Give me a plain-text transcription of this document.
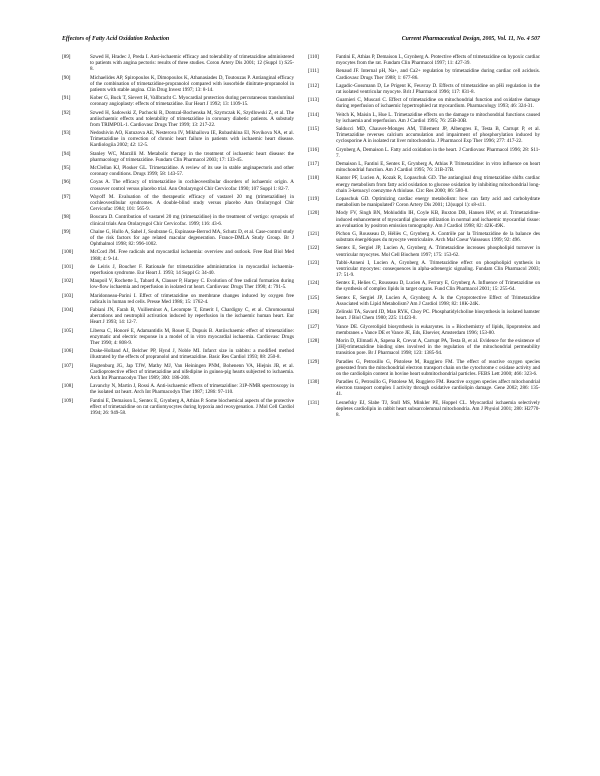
Effectors of Fatty Acid Oxidation Reduction	Current Pharmaceutical Design, 2005, Vol. 11, No. 4 507
[89]	Szwed H, Hradec J, Preda I. Anti-ischaemic efficacy and tolerability of trimetazidine administered to patients with angina pectoris: results of three studies. Coron Artery Dis 2001; 12 (Suppl 1) S25-8.
[90]	Michaelides AP, Spiropoulos K, Dimopoulos K, Athanasiades D, Toutouzas P. Antianginal efficacy of the combination of trimetazidine-propranolol compared with isosorbide dinitrate-propranolol in patients with stable angina. Clin Drug Invest 1997; 13: 8-14.
[91]	Kober G, Buck T, Sievert H, Vallbracht C. Myocardial protection during percutaneous transluminal coronary angioplasty: effects of trimetazidine. Eur Heart J 1992; 13: 1109-15.
[92]	Szwed H, Sadowski Z, Pachocki R, Domzal-Bochenska M, Szymczak K, Szydlowski Z, et al. The antiischaemic effects and tolerability of trimetazidine in coronary diabetic patients. A substudy from TRIMPOL-1. Cardiovasc Drugs Ther 1999; 13: 217-22.
[93]	Nedoshivin AO, Kutuzova AE, Nesterova IV, Mikhailova IE, Rubashkina EI, Novikova NA, et al. Trimetazidine in correction of chronic heart failure in patients with ischaemic heart disease. Kardiologiia 2002; 42: 12-5.
[94]	Stanley WC, Marzilli M. Metabolic therapy in the treatment of ischaemic heart disease: the pharmacology of trimetazidine. Fundam Clin Pharmacol 2003; 17: 133-45.
[95]	McClellan KJ, Plosker GL. Trimetazidine. A review of its use in stable anginapectoris and other coronary conditions. Drugs 1999; 58: 143-57.
[96]	Coyas A. The efficacy of trimetazidine in cochleovestibular disorders of ischaemic origin. A crossover control versus placebo trial. Ann Otolaryngol Chir Cervicofac 1990; 107 Suppl 1: 82-7.
[97]	Wayoff M. Evaluation of the therapeutic efficacy of vastarel 20 mg (trimetazidine) in cochleovestibular syndromes. A double-blind study versus placebo Ann Otolaryngol Chir Cervicofac 1984; 101: 565-9.
[98]	Boucara D. Contribution of vastarel 20 mg (trimetazidine) in the treatment of vertigo: synopsis of clinical trials Ann Otolaryngol Chir Cervicofac. 1999; 116: 43-6.
[99]	Chaine G, Hullo A, Sahel J, Soubrane G, Espinasse-Berrod MA, Schutz D, et al. Case-control study of the risk factors for age related macular degeneration. France-DMLA Study Group. Br J Ophthalmol 1998; 82: 996-1002.
[100]	McCord JM. Free radicals and myocardial ischaemia: overview and outlook. Free Rad Biol Med 1988; 4: 9-14.
[101]	de Leiris J, Boucher F. Rationale for trimetazidine administration in myocardial ischaemia-reperfusion syndrome. Eur Heart J. 1993; 14 Suppl G: 34-40.
[102]	Maupoil V, Rochette L, Tabard A, Clauser P, Harpey C. Evolution of free radical formation during low-flow ischaemia and reperfusion in isolated rat heart. Cardiovasc Drugs Ther 1990; 4: 791-5.
[103]	Maridonneau-Parini I. Effect of trimetazidine on membrane changes induced by oxygen free radicals in human red cells. Presse Med 1986; 15: 1762-4.
[104]	Fabiani JN, Farah B, Vuilleminot A, Lecompte T, Emerit I, Chardigny C, et al. Chromosomal aberrations and neutrophil activation induced by reperfusion in the ischaemic human heart. Eur Heart J 1993; 14: 12-7.
[105]	Libersa C, Honoré E, Adamantidis M, Rouet E, Dupuis B. Antiischaemic effect of trimetazidine: enzymatic and electric response in a model of in vitro myocardial ischaemia. Cardiovasc Drugs Ther 1990; 4: 808-9.
[106]	Drake-Holland AJ, Belcher PP, Hynd J, Noble MI. Infarct size in rabbits: a modified method illustrated by the effects of propranolol and trimetazidine. Basic Res Cardiol 1993; 88: 250-8.
[107]	Hugtenburg JG, Jap TJW, Mathy MJ, Van Heiningen PNM, Bohenenn VA, Hiejnis JB, et al. Cardioprotective effect of trimetazidine and nifedipine in guinea-pig hearts subjected to ischaemia. Arch Int Pharmacodyn Ther 1989; 300: 186-208.
[108]	Lavanchy N, Martin J, Rossi A. Anti-ischaemic effects of trimetazidine: 31P-NMR spectroscopy in the isolated rat heart. Arch Int Pharmacodyn Ther 1987; 1286: 97-110.
[109]	Fantini E, Demaison L, Sentex E, Grynberg A, Athias P. Some biochemical aspects of the protective effect of trimetazidine on rat cardiomyocytes during hypoxia and reoxygenation. J Mol Cell Cardiol 1994; 26: 949-58.
[110]	Fantini E, Athias P, Demaison L, Grynberg A. Protective effects of trimetazidine on hypoxic cardiac myocytes from the rat. Fundam Clin Pharmacol 1997; 11: 427-39.
[111]	Renaud JF. Internal pH, Na+, and Ca2+ regulation by trimetazidine during cardiac cell acidosis. Cardiovasc Drugs Ther 1988; 1: 677-86.
[112]	Lagadic-Gossmann D, Le Prigent K, Feuvray D. Effects of trimetazidine on pHi regulation in the rat isolated ventricular myocyte. Brit J Pharmacol 1996; 117: 831-8.
[113]	Guarnieri C, Muscari C. Effect of trimetazidine on mitochondrial function and oxidative damage during reperfusion of ischaemic hypertrophied rat myocardium. Pharmacology 1993; 46: 324-31.
[114]	Veitch K, Maisin L, Hue L. Trimetazidine effects on the damage to mitochondrial functions caused by ischaemia and reperfusion. Am J Cardiol 1995; 76: 25B-30B.
[115]	Salducci MD, Chauvet-Monges AM, Tillement JP, Albengres E, Testa B, Carrupt P, et al. Trimetazidine reverses calcium accumulation and impairment of phosphorylation induced by cyclosporine A in isolated rat liver mitochondria. J Pharmacol Exp Ther 1996; 277: 417-22.
[116]	Grynberg A, Demaison L. Fatty acid oxidation in the heart. J Cardiovasc Pharmacol 1996; 28: S11-7.
[117]	Demaison L, Fantini E, Sentex E, Grynberg A, Athias P. Trimetazidine: in vitro influence on heart mitochondrial function. Am J Cardiol 1995; 76: 31B-37B.
[118]	Kantor PF, Lucien A, Kozak R, Lopaschuk GD. The antianginal drug trimetazidine shifts cardiac energy metabolism from fatty acid oxidation to glucose oxidation by inhibiting mitochondrial long-chain 3-ketoacyl coenzyme A thiolase. Circ Res 2000; 86: 580-8.
[119]	Lopaschuk GD. Optimizing cardiac energy metabolism: how can fatty acid and carbohydrate metabolism be manipulated? Coron Artery Dis 2001; 12(suppl 1): s8-s11.
[120]	Mody FV, Singh BN, Mohiuddin IH, Coyle KB, Buxton DB, Hansen HW, et al. Trimetazidine-induced enhancement of myocardial glucose utilization in normal and ischaemic myocardial tissue: an evaluation by positron emission tomography. Am J Cardiol 1998; 82: 42K-49K.
[121]	Pichon G, Rousseau D, Héliès C, Grynberg A. Contrôle par la Trimetazidine de la balance des substrats énergétiques du myocyte ventriculaire. Arch Mal Coeur Vaisseaux 1999; 92: 496.
[122]	Sentex E, Sergiel JP, Lucien A, Grynberg A. Trimetazidine increases phospholipid turnover in ventricular myocytes. Mol Cell Biochem 1997; 175: 153-62.
[123]	Tabbi-Anneni I, Lucien A, Grynberg A. Trimetazidine effect on phospholipid synthesis in ventricular myocytes: consequences in alpha-adrenergic signaling. Fundam Clin Pharmacol 2003; 17: 51-9.
[124]	Sentex E, Helies C, Rousseau D, Lucien A, Ferrary E, Grynberg A. Influence of Trimetazidine on the synthesis of complex lipids in target organs. Fund Clin Pharmacol 2001; 15: 255-64.
[125]	Sentex E, Sergiel JP, Lucien A, Grynberg A. Is the Cytoprotective Effect of Trimetazidine Associated with Lipid Metabolism? Am J Cardiol 1998; 82: 18K-24K.
[126]	Zelinski TA, Savard JD, Man RYK, Choy PC. Phosphatidylcholine biosynthesis in isolated hamster heart. J Biol Chem 1980; 225: 11423-8.
[127]	Vance DE. Glycerolipid biosynthesis in eukaryotes. in « Biochemistry of lipids, lipoproteins and membranes » Vance DE et Vance JE, Eds, Elsevier, Amsterdam 1996; 153-80.
[128]	Morin D, Elimadi A, Sapena R, Crevat A, Carrupt PA, Testa B, et al. Evidence for the existence of [3H]-trimetazidine binding sites involved in the regulation of the mitochondrial permeability transition pore. Br J Pharmacol 1998; 123: 1385-94.
[129]	Paradies G, Petrosillo G, Pistolese M, Ruggiero FM. The effect of reactive oxygen species generated from the mitochondrial electron transport chain on the cytochrome c oxidase activity and on the cardiolipin content in bovine heart submitochondrial particles. FEBS Lett 2000; 466: 323-6.
[130]	Paradies G, Petrosillo G, Pistolese M, Ruggiero FM. Reactive oxygen species affect mitochondrial electron transport complex I activity through oxidative cardiolipin damage. Gene 2002; 286: 135-41.
[131]	Lesnefsky EJ, Slabe TJ, Stoll MS, Minkler PE, Hoppel CL. Myocardial ischaemia selectively depletes cardiolipin in rabbit heart subsarcolemmal mitochondria. Am J Physiol 2001; 280: H2770-8.
